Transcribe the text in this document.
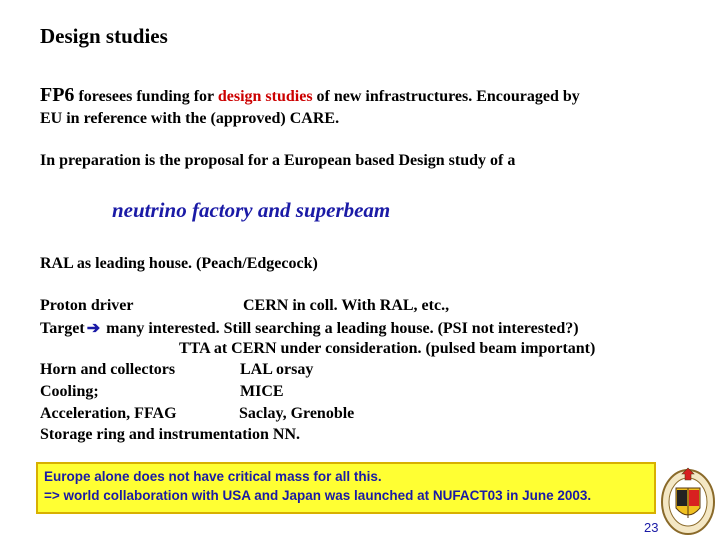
Design studies
FP6 foresees funding for design studies of new infrastructures. Encouraged by
EU in reference with the (approved) CARE.
In preparation is the proposal for a European based Design study of a
neutrino factory and superbeam
RAL as leading house. (Peach/Edgecock)
Proton driver	CERN in coll. With RAL, etc.,
Target ➔ many interested. Still searching a leading house. (PSI not interested?)
TTA at CERN under consideration. (pulsed beam important)
Horn and collectors	LAL orsay
Cooling;	MICE
Acceleration, FFAG	Saclay, Grenoble
Storage ring and instrumentation NN.
Europe alone does not have critical mass for all this.
=> world collaboration with USA and Japan was launched at NUFACT03 in June 2003.
23
